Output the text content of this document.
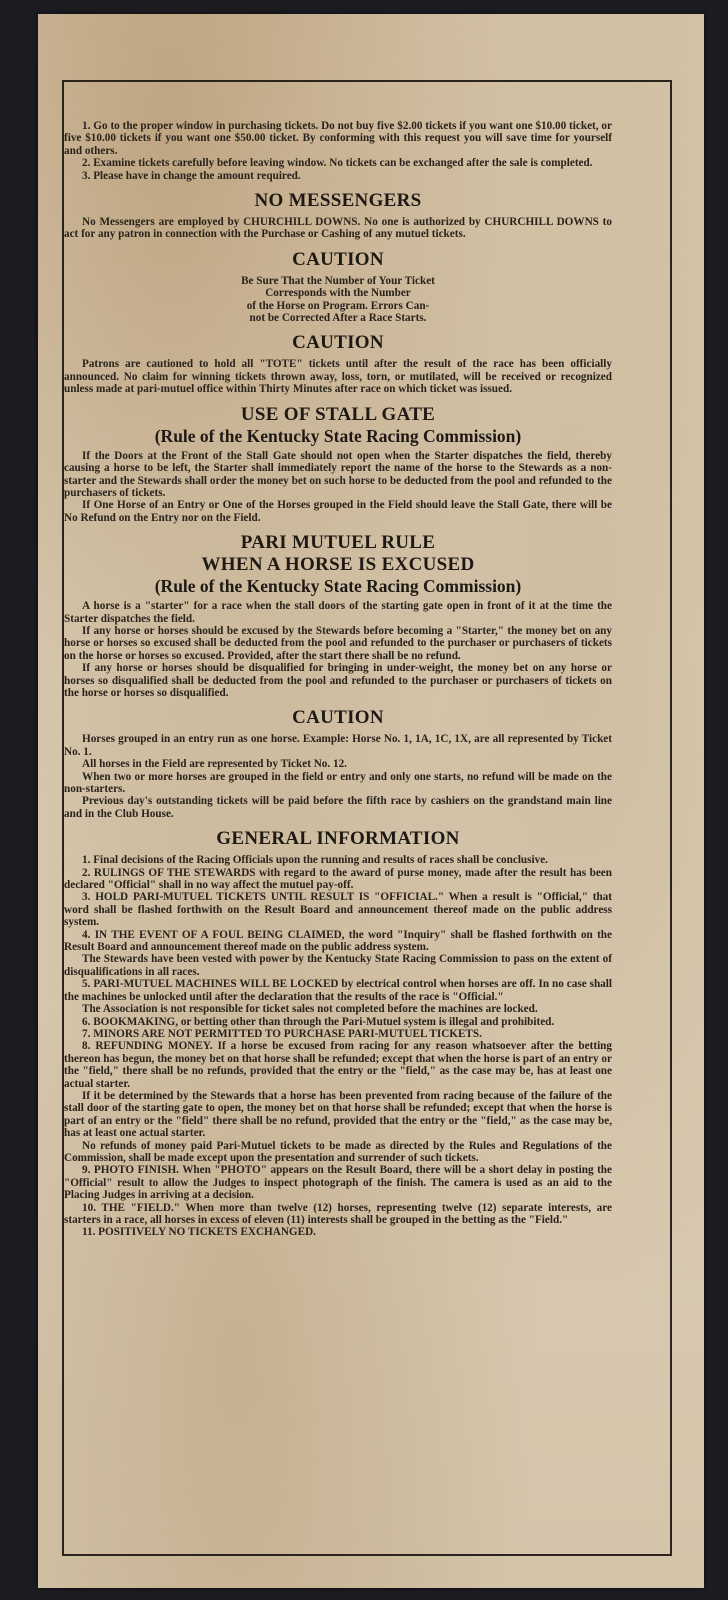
1. Go to the proper window in purchasing tickets. Do not buy five $2.00 tickets if you want one $10.00 ticket, or five $10.00 tickets if you want one $50.00 ticket. By conforming with this request you will save time for yourself and others.

2. Examine tickets carefully before leaving window. No tickets can be exchanged after the sale is completed.

3. Please have in change the amount required.

NO MESSENGERS

No Messengers are employed by CHURCHILL DOWNS. No one is authorized by CHURCHILL DOWNS to act for any patron in connection with the Purchase or Cashing of any mutuel tickets.

CAUTION

Be Sure That the Number of Your Ticket

Corresponds with the Number

of the Horse on Program. Errors Can-

not be Corrected After a Race Starts.

CAUTION

Patrons are cautioned to hold all "TOTE" tickets until after the result of the race has been officially announced. No claim for winning tickets thrown away, loss, torn, or mutilated, will be received or recognized unless made at pari-mutuel office within Thirty Minutes after race on which ticket was issued.

USE OF STALL GATE
(Rule of the Kentucky State Racing Commission)

If the Doors at the Front of the Stall Gate should not open when the Starter dispatches the field, thereby causing a horse to be left, the Starter shall immediately report the name of the horse to the Stewards as a non-starter and the Stewards shall order the money bet on such horse to be deducted from the pool and refunded to the purchasers of tickets.

If One Horse of an Entry or One of the Horses grouped in the Field should leave the Stall Gate, there will be No Refund on the Entry nor on the Field.

PARI MUTUEL RULE
WHEN A HORSE IS EXCUSED
(Rule of the Kentucky State Racing Commission)

A horse is a "starter" for a race when the stall doors of the starting gate open in front of it at the time the Starter dispatches the field.

If any horse or horses should be excused by the Stewards before becoming a "Starter," the money bet on any horse or horses so excused shall be deducted from the pool and refunded to the purchaser or purchasers of tickets on the horse or horses so excused. Provided, after the start there shall be no refund.

If any horse or horses should be disqualified for bringing in under-weight, the money bet on any horse or horses so disqualified shall be deducted from the pool and refunded to the purchaser or purchasers of tickets on the horse or horses so disqualified.

CAUTION

Horses grouped in an entry run as one horse. Example: Horse No. 1, 1A, 1C, 1X, are all represented by Ticket No. 1.

All horses in the Field are represented by Ticket No. 12.

When two or more horses are grouped in the field or entry and only one starts, no refund will be made on the non-starters.

Previous day's outstanding tickets will be paid before the fifth race by cashiers on the grandstand main line and in the Club House.

GENERAL INFORMATION

1. Final decisions of the Racing Officials upon the running and results of races shall be conclusive.

2. RULINGS OF THE STEWARDS with regard to the award of purse money, made after the result has been declared "Official" shall in no way affect the mutuel pay-off.

3. HOLD PARI-MUTUEL TICKETS UNTIL RESULT IS "OFFICIAL." When a result is "Official," that word shall be flashed forthwith on the Result Board and announcement thereof made on the public address system.

4. IN THE EVENT OF A FOUL BEING CLAIMED, the word "Inquiry" shall be flashed forthwith on the Result Board and announcement thereof made on the public address system.

The Stewards have been vested with power by the Kentucky State Racing Commission to pass on the extent of disqualifications in all races.

5. PARI-MUTUEL MACHINES WILL BE LOCKED by electrical control when horses are off. In no case shall the machines be unlocked until after the declaration that the results of the race is "Official."

The Association is not responsible for ticket sales not completed before the machines are locked.

6. BOOKMAKING, or betting other than through the Pari-Mutuel system is illegal and prohibited.

7. MINORS ARE NOT PERMITTED TO PURCHASE PARI-MUTUEL TICKETS.

8. REFUNDING MONEY. If a horse be excused from racing for any reason whatsoever after the betting thereon has begun, the money bet on that horse shall be refunded; except that when the horse is part of an entry or the "field," there shall be no refunds, provided that the entry or the "field," as the case may be, has at least one actual starter.

If it be determined by the Stewards that a horse has been prevented from racing because of the failure of the stall door of the starting gate to open, the money bet on that horse shall be refunded; except that when the horse is part of an entry or the "field" there shall be no refund, provided that the entry or the "field," as the case may be, has at least one actual starter.

No refunds of money paid Pari-Mutuel tickets to be made as directed by the Rules and Regulations of the Commission, shall be made except upon the presentation and surrender of such tickets.

9. PHOTO FINISH. When "PHOTO" appears on the Result Board, there will be a short delay in posting the "Official" result to allow the Judges to inspect photograph of the finish. The camera is used as an aid to the Placing Judges in arriving at a decision.

10. THE "FIELD." When more than twelve (12) horses, representing twelve (12) separate interests, are starters in a race, all horses in excess of eleven (11) interests shall be grouped in the betting as the "Field."

11. POSITIVELY NO TICKETS EXCHANGED.
